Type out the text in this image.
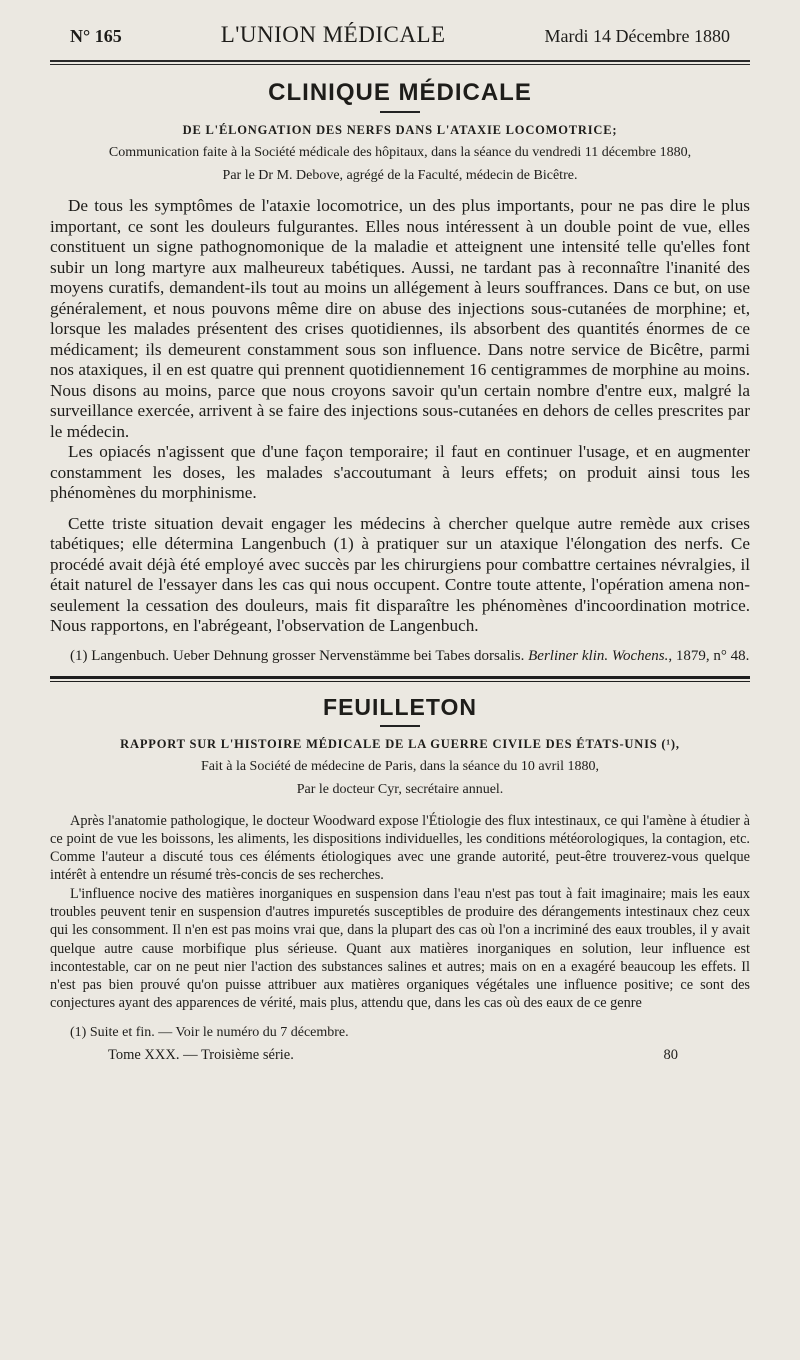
N° 165	L'UNION MÉDICALE	Mardi 14 Décembre 1880
CLINIQUE MÉDICALE
DE L'ÉLONGATION DES NERFS DANS L'ATAXIE LOCOMOTRICE;
Communication faite à la Société médicale des hôpitaux, dans la séance du vendredi 11 décembre 1880,
Par le Dr M. Debove, agrégé de la Faculté, médecin de Bicêtre.

De tous les symptômes de l'ataxie locomotrice, un des plus importants, pour ne pas dire le plus important, ce sont les douleurs fulgurantes. Elles nous intéressent à un double point de vue, elles constituent un signe pathognomonique de la maladie et atteignent une intensité telle qu'elles font subir un long martyre aux malheureux tabétiques. Aussi, ne tardant pas à reconnaître l'inanité des moyens curatifs, demandent-ils tout au moins un allégement à leurs souffrances. Dans ce but, on use généralement, et nous pouvons même dire on abuse des injections sous-cutanées de morphine; et, lorsque les malades présentent des crises quotidiennes, ils absorbent des quantités énormes de ce médicament; ils demeurent constamment sous son influence. Dans notre service de Bicêtre, parmi nos ataxiques, il en est quatre qui prennent quotidiennement 16 centigrammes de morphine au moins. Nous disons au moins, parce que nous croyons savoir qu'un certain nombre d'entre eux, malgré la surveillance exercée, arrivent à se faire des injections sous-cutanées en dehors de celles prescrites par le médecin.

Les opiacés n'agissent que d'une façon temporaire; il faut en continuer l'usage, et en augmenter constamment les doses, les malades s'accoutumant à leurs effets; on produit ainsi tous les phénomènes du morphinisme.

Cette triste situation devait engager les médecins à chercher quelque autre remède aux crises tabétiques; elle détermina Langenbuch (1) à pratiquer sur un ataxique l'élongation des nerfs. Ce procédé avait déjà été employé avec succès par les chirurgiens pour combattre certaines névralgies, il était naturel de l'essayer dans les cas qui nous occupent. Contre toute attente, l'opération amena non-seulement la cessation des douleurs, mais fit disparaître les phénomènes d'incoordination motrice. Nous rapportons, en l'abrégeant, l'observation de Langenbuch.

(1) Langenbuch. Ueber Dehnung grosser Nervenstämme bei Tabes dorsalis. Berliner klin. Wochens., 1879, n° 48.
FEUILLETON
RAPPORT SUR L'HISTOIRE MÉDICALE DE LA GUERRE CIVILE DES ÉTATS-UNIS (¹),
Fait à la Société de médecine de Paris, dans la séance du 10 avril 1880,
Par le docteur Cyr, secrétaire annuel.

Après l'anatomie pathologique, le docteur Woodward expose l'Étiologie des flux intestinaux, ce qui l'amène à étudier à ce point de vue les boissons, les aliments, les dispositions individuelles, les conditions météorologiques, la contagion, etc. Comme l'auteur a discuté tous ces éléments étiologiques avec une grande autorité, peut-être trouverez-vous quelque intérêt à entendre un résumé très-concis de ses recherches.

L'influence nocive des matières inorganiques en suspension dans l'eau n'est pas tout à fait imaginaire; mais les eaux troubles peuvent tenir en suspension d'autres impuretés susceptibles de produire des dérangements intestinaux chez ceux qui les consomment. Il n'en est pas moins vrai que, dans la plupart des cas où l'on a incriminé des eaux troubles, il y avait quelque autre cause morbifique plus sérieuse. Quant aux matières inorganiques en solution, leur influence est incontestable, car on ne peut nier l'action des substances salines et autres; mais on en a exagéré beaucoup les effets. Il n'est pas bien prouvé qu'on puisse attribuer aux matières organiques végétales une influence positive; ce sont des conjectures ayant des apparences de vérité, mais plus, attendu que, dans les cas où des eaux de ce genre

(1) Suite et fin. — Voir le numéro du 7 décembre.
Tome XXX. — Troisième série.	80
